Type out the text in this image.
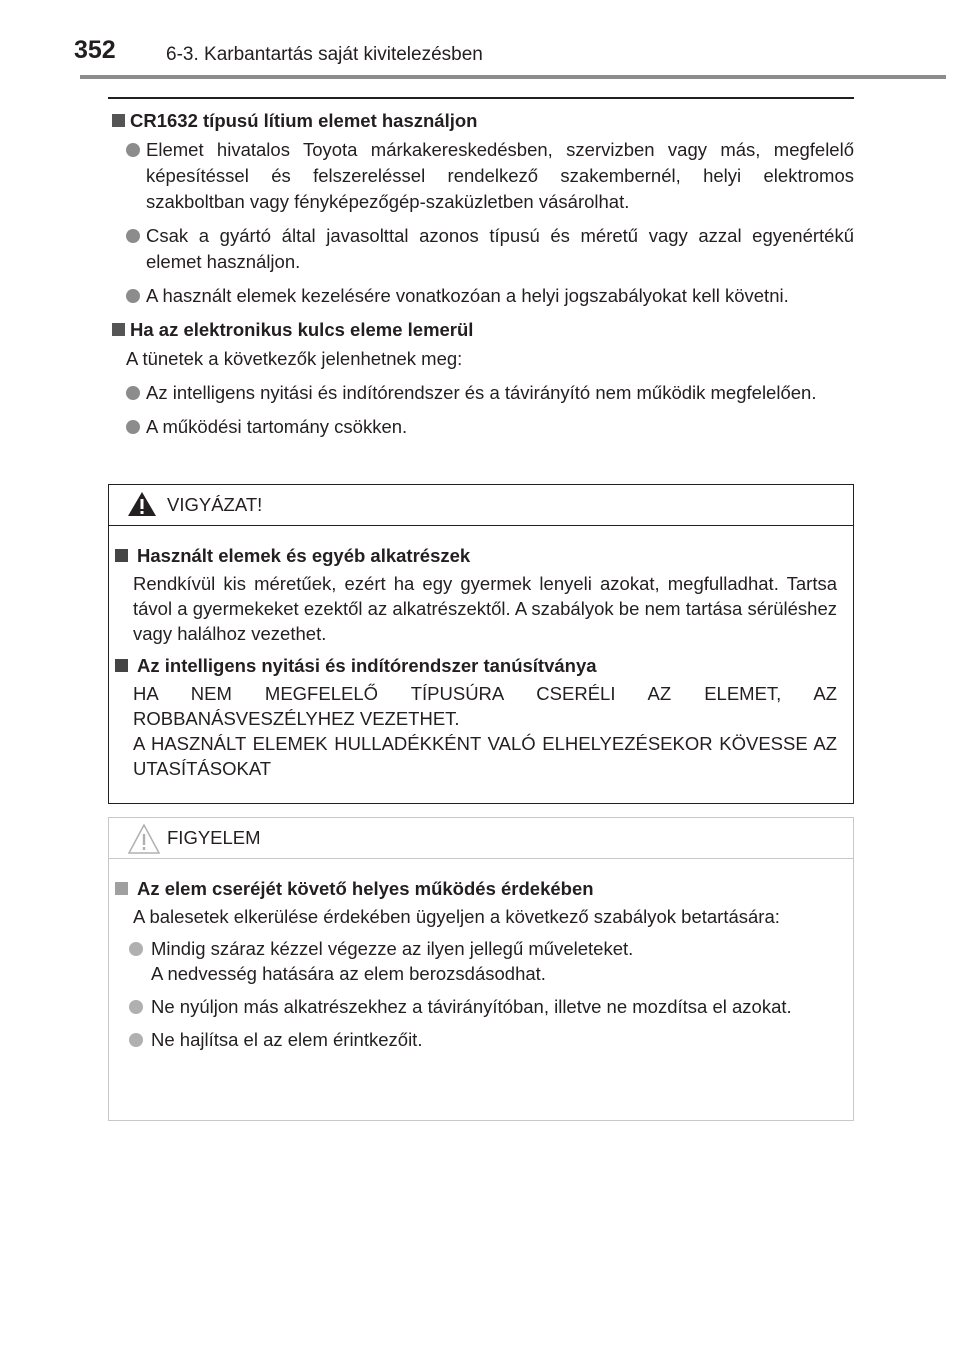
352	6-3. Karbantartás saját kivitelezésben
CR1632 típusú lítium elemet használjon
Elemet hivatalos Toyota márkakereskedésben, szervizben vagy más, megfelelő képesítéssel és felszereléssel rendelkező szakembernél, helyi elektromos szakboltban vagy fényképezőgép-szaküzletben vásárolhat.
Csak a gyártó által javasolttal azonos típusú és méretű vagy azzal egyenértékű elemet használjon.
A használt elemek kezelésére vonatkozóan a helyi jogszabályokat kell követni.
Ha az elektronikus kulcs eleme lemerül
A tünetek a következők jelenhetnek meg:
Az intelligens nyitási és indítórendszer és a távirányító nem működik megfelelően.
A működési tartomány csökken.
VIGYÁZAT!
Használt elemek és egyéb alkatrészek
Rendkívül kis méretűek, ezért ha egy gyermek lenyeli azokat, megfulladhat. Tartsa távol a gyermekeket ezektől az alkatrészektől. A szabályok be nem tartása sérüléshez vagy halálhoz vezethet.
Az intelligens nyitási és indítórendszer tanúsítványa
HA NEM MEGFELELŐ TÍPUSÚRA CSERÉLI AZ ELEMET, AZ ROBBANÁSVESZÉLYHEZ VEZETHET.
A HASZNÁLT ELEMEK HULLADÉKKÉNT VALÓ ELHELYEZÉSEKOR KÖVESSE AZ UTASÍTÁSOKAT
FIGYELEM
Az elem cseréjét követő helyes működés érdekében
A balesetek elkerülése érdekében ügyeljen a következő szabályok betartására:
Mindig száraz kézzel végezze az ilyen jellegű műveleteket.
A nedvesség hatására az elem berozsdásodhat.
Ne nyúljon más alkatrészekhez a távirányítóban, illetve ne mozdítsa el azokat.
Ne hajlítsa el az elem érintkezőit.
